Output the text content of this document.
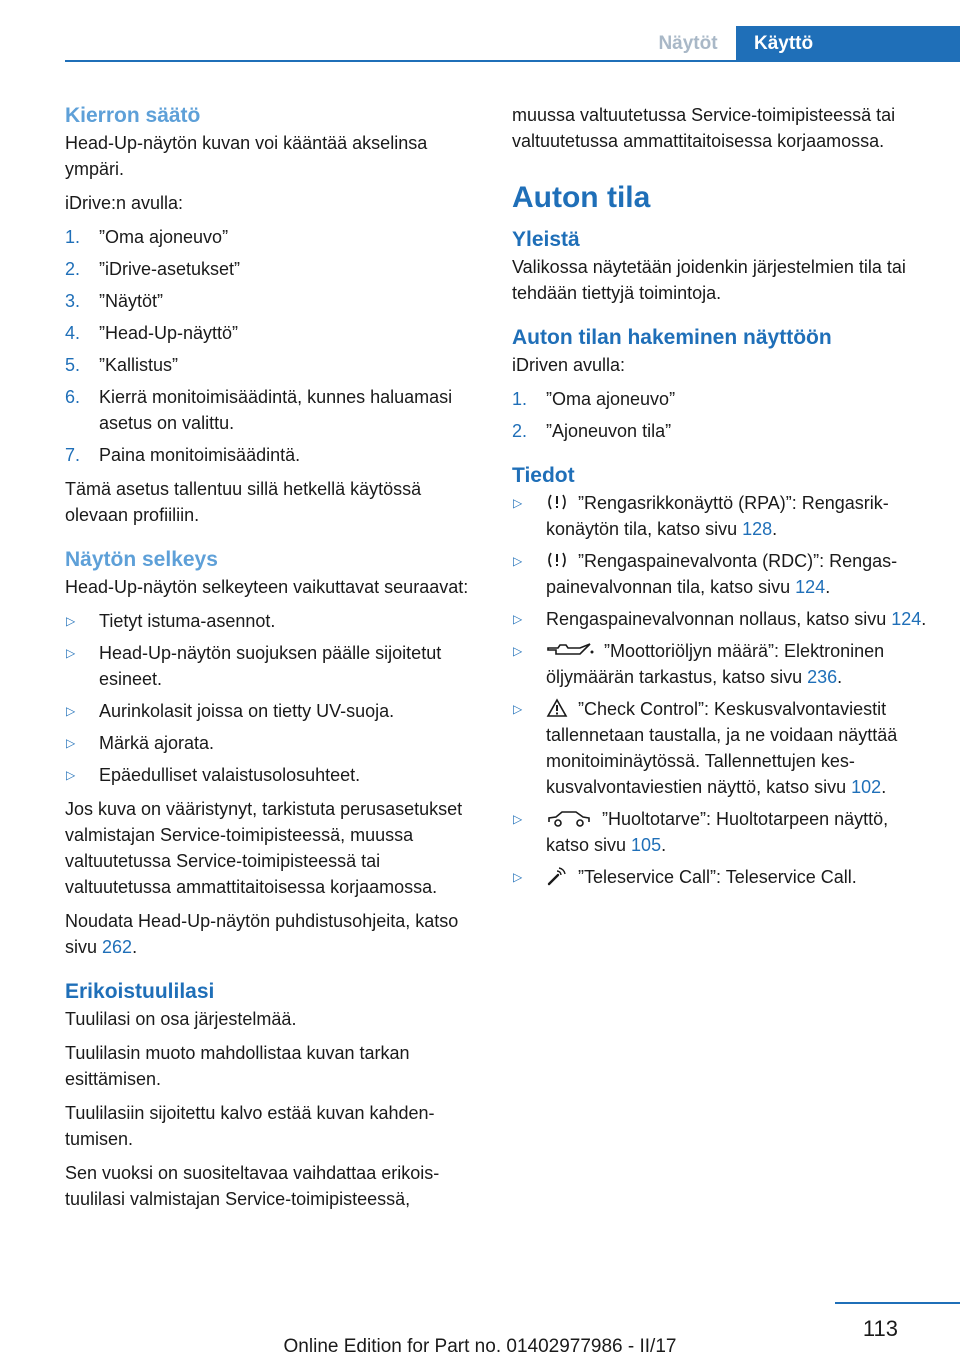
Näytöt	Käyttö
Kierron säätö

Head-Up-näytön kuvan voi kääntää akselinsa ympäri.

iDrive:n avulla:

1. ”Oma ajoneuvo”
2. ”iDrive-asetukset”
3. ”Näytöt”
4. ”Head-Up-näyttö”
5. ”Kallistus”
6. Kierrä monitoimisäädintä, kunnes haluamasi asetus on valittu.
7. Paina monitoimisäädintä.

Tämä asetus tallentuu sillä hetkellä käytössä olevaan profiiliin.

Näytön selkeys

Head-Up-näytön selkeyteen vaikuttavat seuraavat:

▷ Tietyt istuma-asennot.
▷ Head-Up-näytön suojuksen päälle sijoitetut esineet.
▷ Aurinkolasit joissa on tietty UV-suoja.
▷ Märkä ajorata.
▷ Epäedulliset valaistusolosuhteet.

Jos kuva on vääristynyt, tarkistuta perusasetukset valmistajan Service-toimipisteessä, muussa valtuutetussa Service-toimipisteessä tai valtuutetussa ammattitaitoisessa korjaamossa.

Noudata Head-Up-näytön puhdistusohjeita, katso sivu 262.

Erikoistuulilasi

Tuulilasi on osa järjestelmää.

Tuulilasin muoto mahdollistaa kuvan tarkan esittämisen.

Tuulilasiin sijoitettu kalvo estää kuvan kahdentumisen.

Sen vuoksi on suositeltavaa vaihdattaa erikoistuulilasi valmistajan Service-toimipisteessä,

muussa valtuutetussa Service-toimipisteessä tai valtuutetussa ammattitaitoisessa korjaamossa.

Auton tila
Yleistä

Valikossa näytetään joidenkin järjestelmien tila tai tehdään tiettyjä toimintoja.

Auton tilan hakeminen näyttöön

iDriven avulla:

1. ”Oma ajoneuvo”
2. ”Ajoneuvon tila”
Tiedot
▷	”Rengasrikkonäyttö (RPA)”: Rengasrikkonäytön tila, katso sivu 128.
▷	”Rengaspainevalvonta (RDC)”: Rengaspainevalvonnan tila, katso sivu 124.
▷ Rengaspainevalvonnan nollaus, katso sivu 124.
▷	”Moottoriöljyn määrä”: Elektroninen öljymäärän tarkastus, katso sivu 236.
▷	”Check Control”: Keskusvalvontaviestit tallennetaan taustalla, ja ne voidaan näyttää monitoiminäytössä. Tallennettujen keskusvalvontaviestien näyttö, katso sivu 102.
▷	”Huoltotarve”: Huoltotarpeen näyttö, katso sivu 105.
▷	”Teleservice Call”: Teleservice Call.
113
Online Edition for Part no. 01402977986 - II/17
